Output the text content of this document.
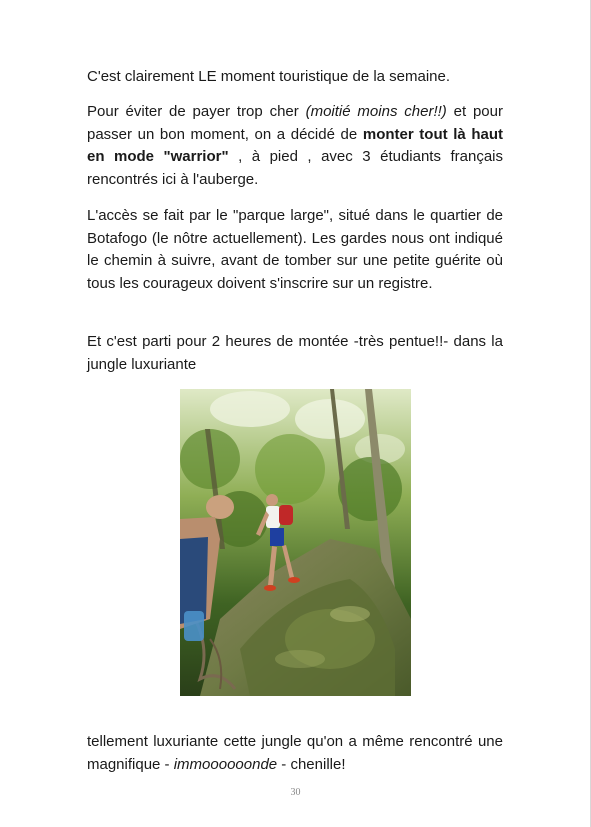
C'est clairement LE moment touristique de la semaine.

Pour éviter de payer trop cher (moitié moins cher!!) et pour passer un bon moment, on a décidé de monter tout là haut en mode "warrior" , à pied , avec 3 étudiants français rencontrés ici à l'auberge.

L'accès se fait par le "parque large", situé dans le quartier de Botafogo (le nôtre actuellement). Les gardes nous ont indiqué le chemin à suivre, avant de tomber sur une petite guérite où tous les courageux doivent s'inscrire sur un registre.

Et c'est parti pour 2 heures de montée -très pentue!!- dans la jungle luxuriante

tellement luxuriante cette jungle qu'on a même rencontré une magnifique - immoooooonde - chenille!

30
